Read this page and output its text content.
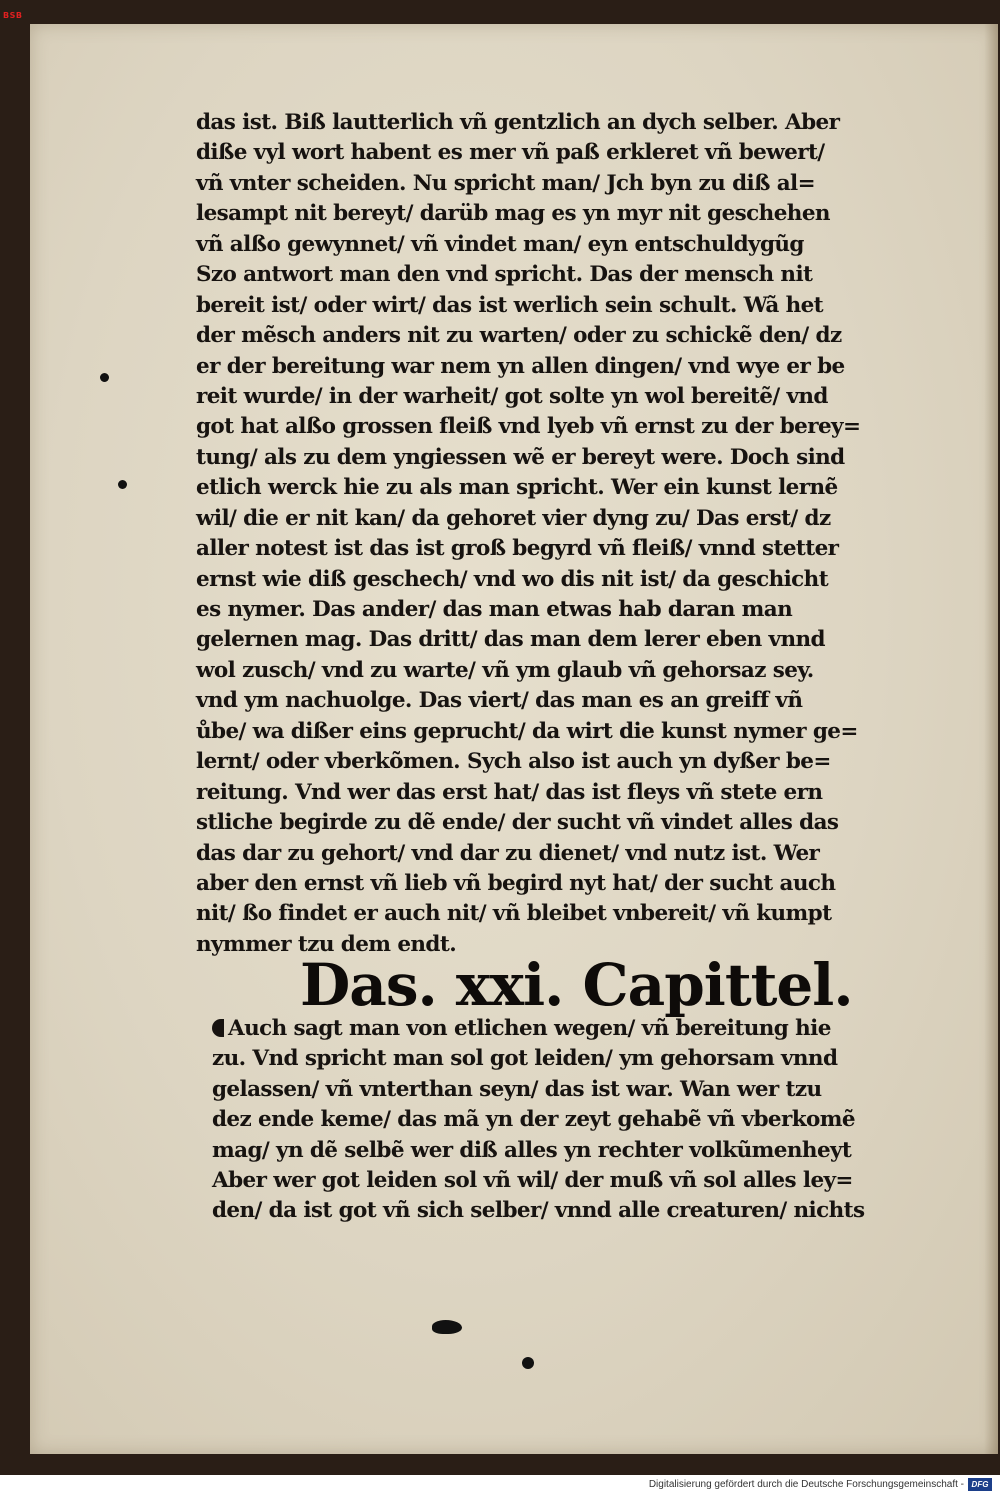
BSB
das ist. Biß lautterlich vñ gentzlich an dych selber. Aber
diße vyl wort habent es mer vñ paß erkleret vñ bewert/
vñ vnter scheiden. Nu spricht man/ Jch byn zu diß al=
lesampt nit bereyt/ darüb mag es yn myr nit geschehen
vñ alßo gewynnet/ vñ vindet man/ eyn entschuldygũg
Szo antwort man den vnd spricht. Das der mensch nit
bereit ist/ oder wirt/ das ist werlich sein schult. Wã het
der mẽsch anders nit zu warten/ oder zu schickẽ den/ dz
er der bereitung war nem yn allen dingen/ vnd wye er be
reit wurde/ in der warheit/ got solte yn wol bereitẽ/ vnd
got hat alßo grossen fleiß vnd lyeb vñ ernst zu der berey=
tung/ als zu dem yngiessen wẽ er bereyt were. Doch sind
etlich werck hie zu als man spricht. Wer ein kunst lernẽ
wil/ die er nit kan/ da gehoret vier dyng zu/ Das erst/ dz
aller notest ist das ist groß begyrd vñ fleiß/ vnnd stetter
ernst wie diß geschech/ vnd wo dis nit ist/ da geschicht
es nymer. Das ander/ das man etwas hab daran man
gelernen mag. Das dritt/ das man dem lerer eben vnnd
wol zusch/ vnd zu warte/ vñ ym glaub vñ gehorsaz sey.
vnd ym nachuolge. Das viert/ das man es an greiff vñ
ůbe/ wa dißer eins geprucht/ da wirt die kunst nymer ge=
lernt/ oder vberkõmen. Sych also ist auch yn dyßer be=
reitung. Vnd wer das erst hat/ das ist fleys vñ stete ern
stliche begirde zu dẽ ende/ der sucht vñ vindet alles das
das dar zu gehort/ vnd dar zu dienet/ vnd nutz ist. Wer
aber den ernst vñ lieb vñ begird nyt hat/ der sucht auch
nit/ ßo findet er auch nit/ vñ bleibet vnbereit/ vñ kumpt
nymmer tzu dem endt.
Das. xxi. Capittel.
Auch sagt man von etlichen wegen/ vñ bereitung hie
zu. Vnd spricht man sol got leiden/ ym gehorsam vnnd
gelassen/ vñ vnterthan seyn/ das ist war. Wan wer tzu
dez ende keme/ das mã yn der zeyt gehabẽ vñ vberkomẽ
mag/ yn dẽ selbẽ wer diß alles yn rechter volkũmenheyt
Aber wer got leiden sol vñ wil/ der muß vñ sol alles ley=
den/ da ist got vñ sich selber/ vnnd alle creaturen/ nichts
Digitalisierung gefördert durch die Deutsche Forschungsgemeinschaft - DFG
